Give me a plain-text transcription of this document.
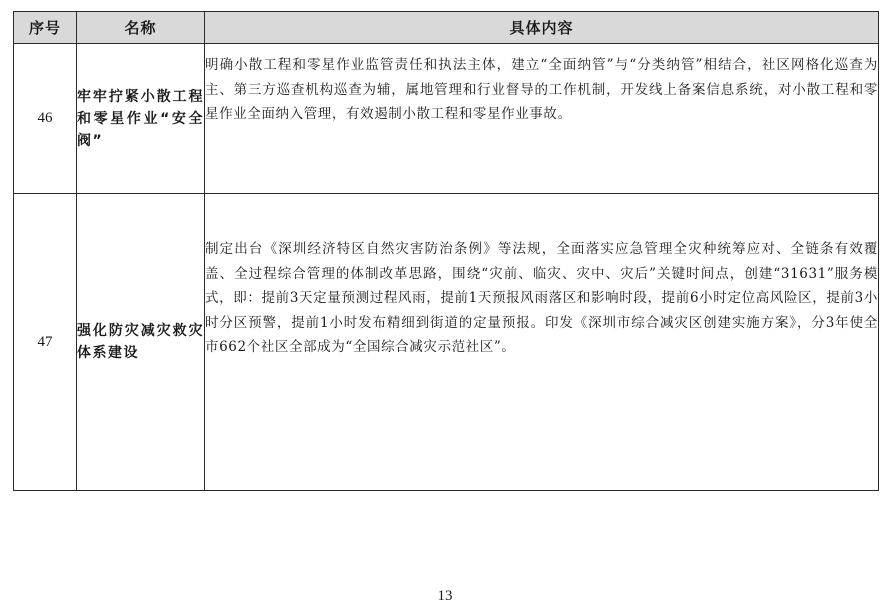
序号	名称	具体内容
46	牢牢拧紧小散工程和零星作业“安全阀”	明确小散工程和零星作业监管责任和执法主体，建立“全面纳管”与“分类纳管”相结合，社区网格化巡查为主、第三方巡查机构巡查为辅，属地管理和行业督导的工作机制，开发线上备案信息系统，对小散工程和零星作业全面纳入管理，有效遏制小散工程和零星作业事故。
47	强化防灾减灾救灾体系建设	制定出台《深圳经济特区自然灾害防治条例》等法规，全面落实应急管理全灾种统筹应对、全链条有效覆盖、全过程综合管理的体制改革思路，围绕“灾前、临灾、灾中、灾后”关键时间点，创建“31631”服务模式，即：提前3天定量预测过程风雨，提前1天预报风雨落区和影响时段，提前6小时定位高风险区，提前3小时分区预警，提前1小时发布精细到街道的定量预报。印发《深圳市综合减灾区创建实施方案》，分3年使全市662个社区全部成为“全国综合减灾示范社区”。
13
